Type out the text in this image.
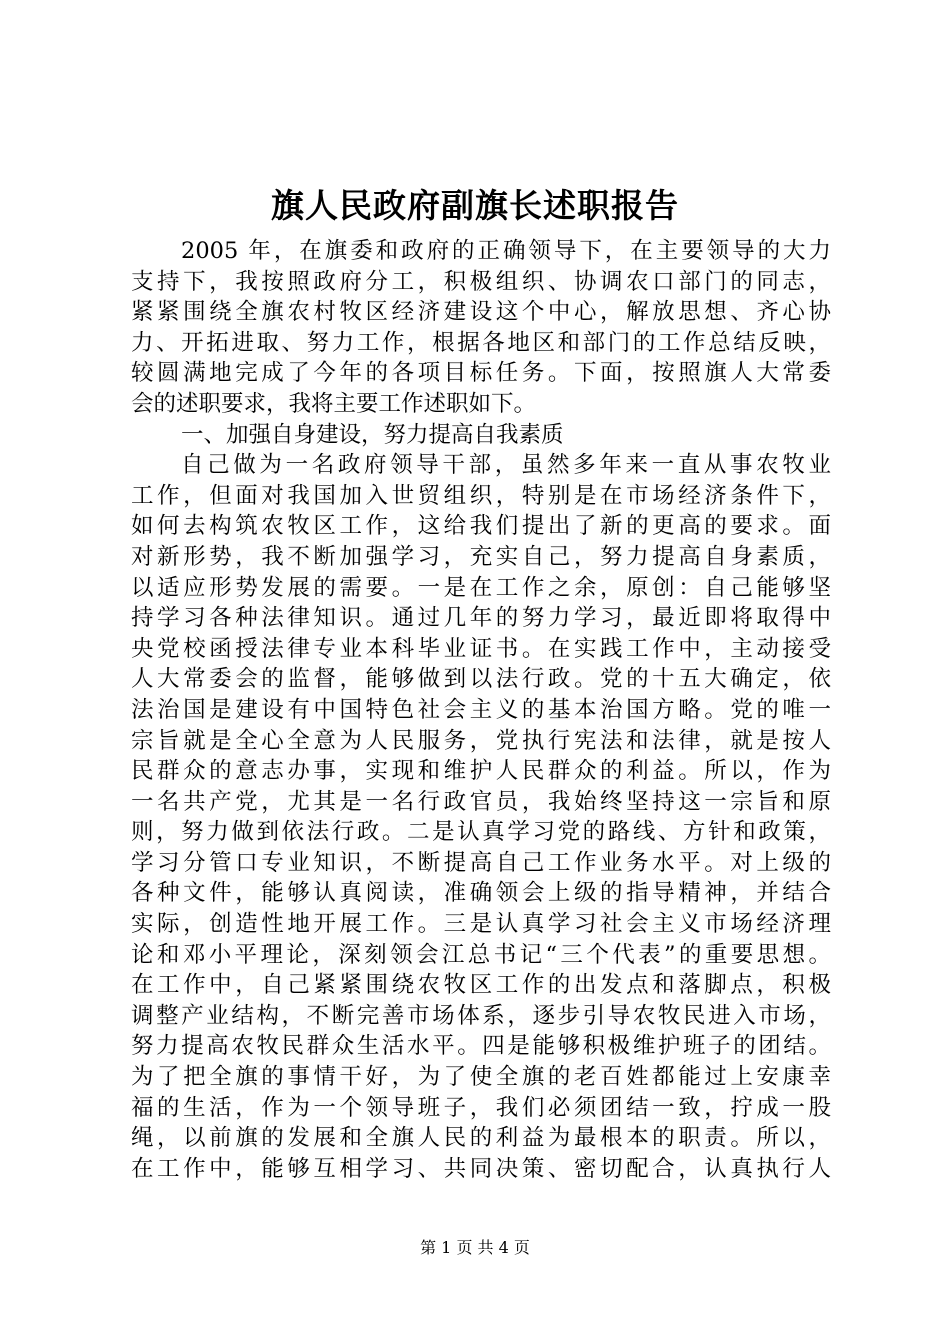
旗人民政府副旗长述职报告
2005 年，在旗委和政府的正确领导下，在主要领导的大力
支持下，我按照政府分工，积极组织、协调农口部门的同志，
紧紧围绕全旗农村牧区经济建设这个中心，解放思想、齐心协
力、开拓进取、努力工作，根据各地区和部门的工作总结反映，
较圆满地完成了今年的各项目标任务。下面，按照旗人大常委
会的述职要求，我将主要工作述职如下。
一、加强自身建设，努力提高自我素质
自己做为一名政府领导干部，虽然多年来一直从事农牧业
工作，但面对我国加入世贸组织，特别是在市场经济条件下，
如何去构筑农牧区工作，这给我们提出了新的更高的要求。面
对新形势，我不断加强学习，充实自己，努力提高自身素质，
以适应形势发展的需要。一是在工作之余，原创：自己能够坚
持学习各种法律知识。通过几年的努力学习，最近即将取得中
央党校函授法律专业本科毕业证书。在实践工作中，主动接受
人大常委会的监督，能够做到以法行政。党的十五大确定，依
法治国是建设有中国特色社会主义的基本治国方略。党的唯一
宗旨就是全心全意为人民服务，党执行宪法和法律，就是按人
民群众的意志办事，实现和维护人民群众的利益。所以，作为
一名共产党，尤其是一名行政官员，我始终坚持这一宗旨和原
则，努力做到依法行政。二是认真学习党的路线、方针和政策，
学习分管口专业知识，不断提高自己工作业务水平。对上级的
各种文件，能够认真阅读，准确领会上级的指导精神，并结合
实际，创造性地开展工作。三是认真学习社会主义市场经济理
论和邓小平理论，深刻领会江总书记“三个代表”的重要思想。
在工作中，自己紧紧围绕农牧区工作的出发点和落脚点，积极
调整产业结构，不断完善市场体系，逐步引导农牧民进入市场，
努力提高农牧民群众生活水平。四是能够积极维护班子的团结。
为了把全旗的事情干好，为了使全旗的老百姓都能过上安康幸
福的生活，作为一个领导班子，我们必须团结一致，拧成一股
绳，以前旗的发展和全旗人民的利益为最根本的职责。所以，
在工作中，能够互相学习、共同决策、密切配合，认真执行人
第 1 页 共 4 页
